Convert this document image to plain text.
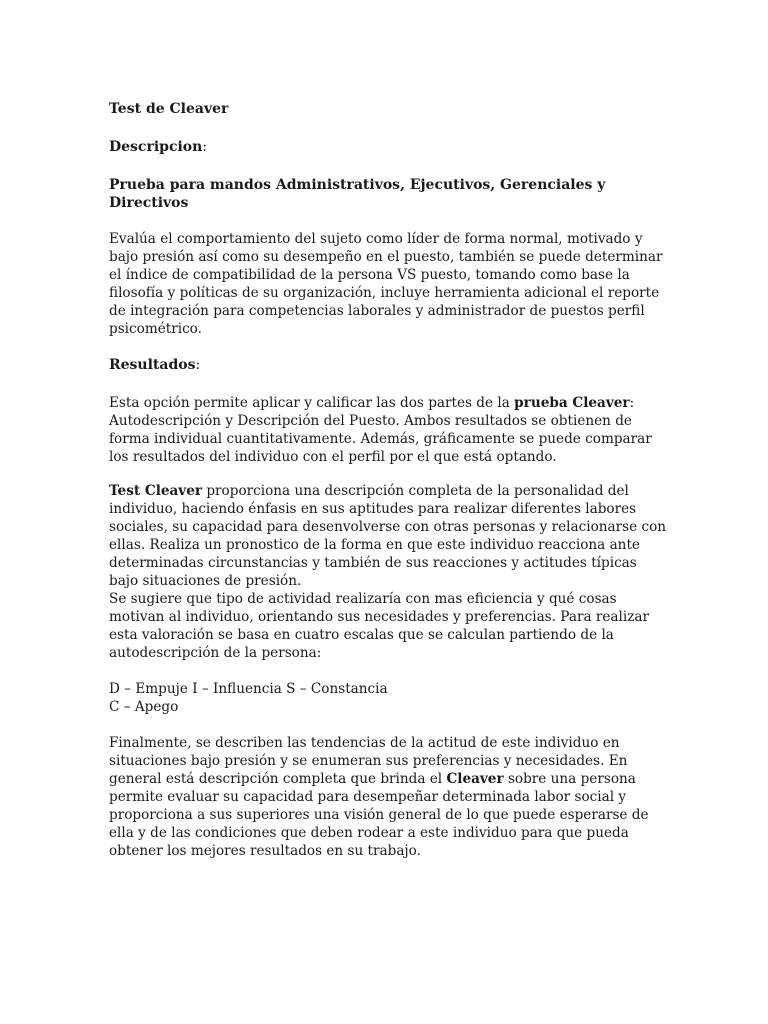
Test de Cleaver

Descripcion:

Prueba para mandos Administrativos, Ejecutivos, Gerenciales y Directivos

Evalúa el comportamiento del sujeto como líder de forma normal, motivado y bajo presión así como su desempeño en el puesto, también se puede determinar el índice de compatibilidad de la persona VS puesto, tomando como base la filosofía y políticas de su organización, incluye herramienta adicional el reporte de integración para competencias laborales y administrador de puestos perfil psicométrico.

Resultados:

Esta opción permite aplicar y calificar las dos partes de la prueba Cleaver: Autodescripción y Descripción del Puesto. Ambos resultados se obtienen de forma individual cuantitativamente. Además, gráficamente se puede comparar los resultados del individuo con el perfil por el que está optando.

Test Cleaver proporciona una descripción completa de la personalidad del individuo, haciendo énfasis en sus aptitudes para realizar diferentes labores sociales, su capacidad para desenvolverse con otras personas y relacionarse con ellas. Realiza un pronostico de la forma en que este individuo reacciona ante determinadas circunstancias y también de sus reacciones y actitudes típicas bajo situaciones de presión.

Se sugiere que tipo de actividad realizaría con mas eficiencia y qué cosas motivan al individuo, orientando sus necesidades y preferencias. Para realizar esta valoración se basa en cuatro escalas que se calculan partiendo de la autodescripción de la persona:

D – Empuje I – Influencia S – Constancia

C – Apego

Finalmente, se describen las tendencias de la actitud de este individuo en situaciones bajo presión y se enumeran sus preferencias y necesidades. En general está descripción completa que brinda el Cleaver sobre una persona permite evaluar su capacidad para desempeñar determinada labor social y proporciona a sus superiores una visión general de lo que puede esperarse de ella y de las condiciones que deben rodear a este individuo para que pueda obtener los mejores resultados en su trabajo.
